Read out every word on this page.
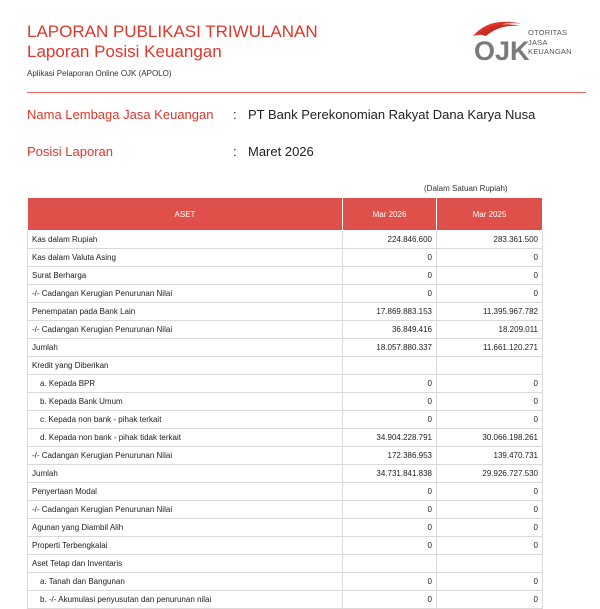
LAPORAN PUBLIKASI TRIWULANAN
Laporan Posisi Keuangan
Aplikasi Pelaporan Online OJK (APOLO)
OJK
OTORITAS
JASA
KEUANGAN
Nama Lembaga Jasa Keuangan : PT Bank Perekonomian Rakyat Dana Karya Nusa
Posisi Laporan	: Maret 2026
(Dalam Satuan Rupiah)
ASET	Mar 2026	Mar 2025
Kas dalam Rupiah	224.846.600	283.361.500
Kas dalam Valuta Asing	0	0
Surat Berharga	0	0
-/- Cadangan Kerugian Penurunan Nilai	0	0
Penempatan pada Bank Lain	17.869.883.153	11.395.967.782
-/- Cadangan Kerugian Penurunan Nilai	36.849.416	18.209.011
Jumlah	18.057.880.337	11.661.120.271
Kredit yang Diberikan		
a. Kepada BPR	0	0
b. Kepada Bank Umum	0	0
c. Kepada non bank - pihak terkait	0	0
d. Kepada non bank - pihak tidak terkait	34.904.228.791	30.066.198.261
-/- Cadangan Kerugian Penurunan Nilai	172.386.953	139.470.731
Jumlah	34.731.841.838	29.926.727.530
Penyertaan Modal	0	0
-/- Cadangan Kerugian Penurunan Nilai	0	0
Agunan yang Diambil Alih	0	0
Properti Terbengkalai	0	0
Aset Tetap dan Inventaris		
a. Tanah dan Bangunan	0	0
b. -/- Akumulasi penyusutan dan penurunan nilai	0	0
